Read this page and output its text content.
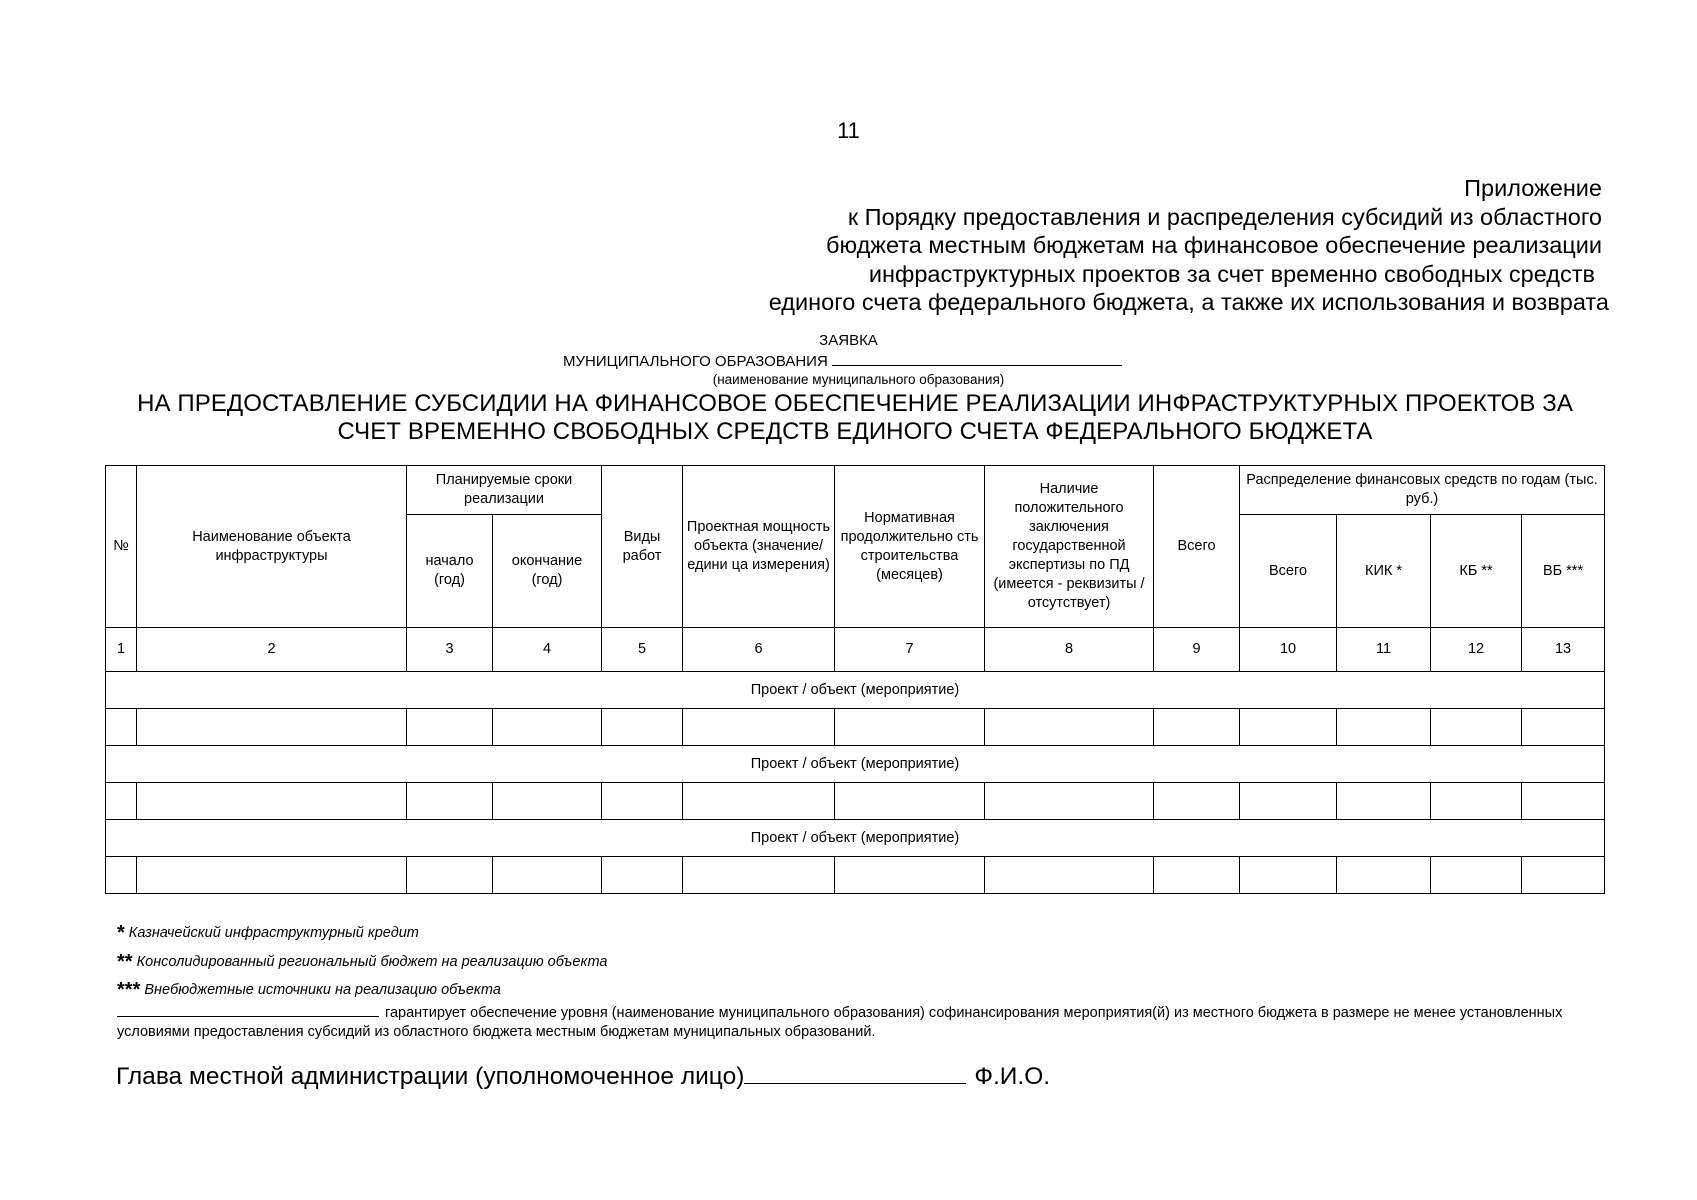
11
Приложение
к Порядку предоставления и распределения субсидий из областного
бюджета местным бюджетам на финансовое обеспечение реализации
инфраструктурных проектов за счет временно свободных средств
единого счета федерального бюджета, а также их использования и возврата
ЗАЯВКА
МУНИЦИПАЛЬНОГО ОБРАЗОВАНИЯ
(наименование муниципального образования)
НА ПРЕДОСТАВЛЕНИЕ СУБСИДИИ НА ФИНАНСОВОЕ ОБЕСПЕЧЕНИЕ РЕАЛИЗАЦИИ ИНФРАСТРУКТУРНЫХ ПРОЕКТОВ ЗА
СЧЕТ ВРЕМЕННО СВОБОДНЫХ СРЕДСТВ ЕДИНОГО СЧЕТА ФЕДЕРАЛЬНОГО БЮДЖЕТА
№	Наименование объекта инфраструктуры	Планируемые сроки реализации		Виды работ	Проектная мощность объекта (значение/едини ца измерения)	Нормативная продолжительно сть строительства (месяцев)	Наличие положительного заключения государственной экспертизы по ПД (имеется - реквизиты /отсутствует)	Всего	Распределение финансовых средств по годам (тыс. руб.)			
		начало (год)	окончание (год)						Всего	КИК *	КБ **	ВБ ***
1	2	3	4	5	6	7	8	9	10	11	12	13
Проект / объект (мероприятие)												

Проект / объект (мероприятие)												

Проект / объект (мероприятие)												

* Казначейский инфраструктурный кредит
** Консолидированный региональный бюджет на реализацию объекта
*** Внебюджетные источники на реализацию объекта
гарантирует обеспечение уровня (наименование муниципального образования) софинансирования мероприятия(й) из местного бюджета в размере не менее установленных условиями предоставления субсидий из областного бюджета местным бюджетам муниципальных образований.
Глава местной администрации (уполномоченное лицо)	Ф.И.О.
